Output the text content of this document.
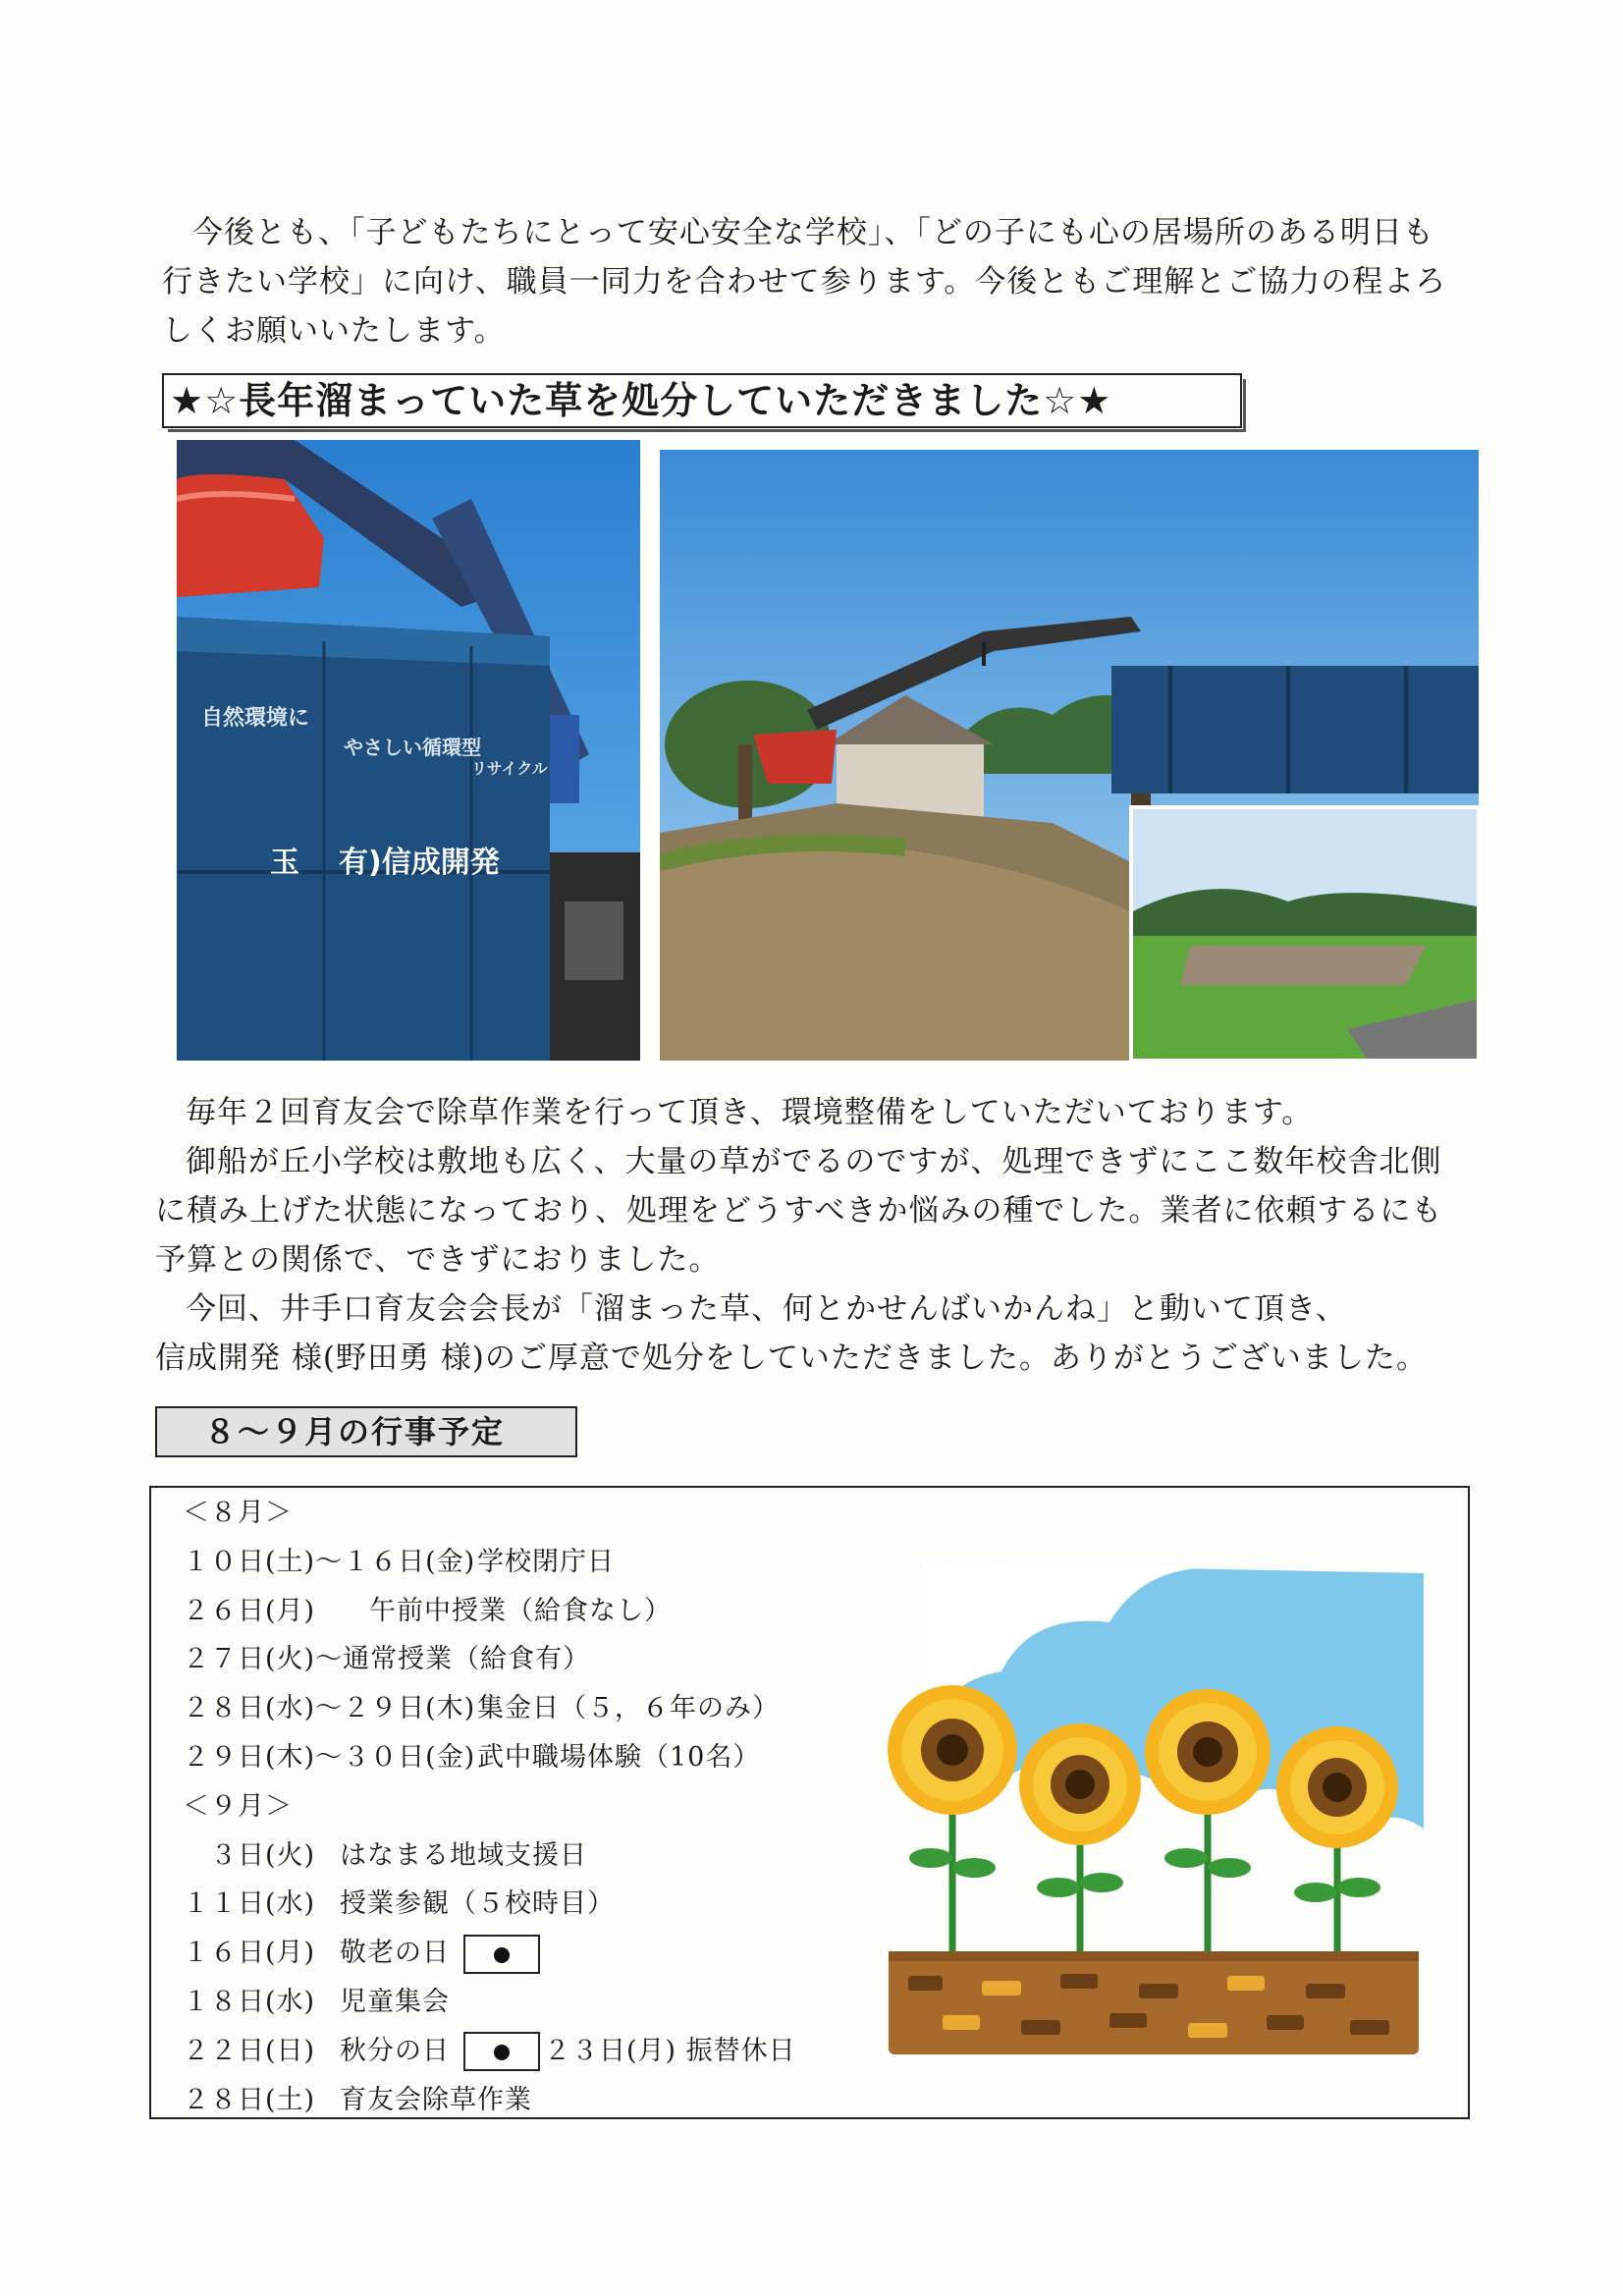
今後とも、「子どもたちにとって安心安全な学校」、「どの子にも心の居場所のある明日も

行きたい学校」に向け、職員一同力を合わせて参ります。今後ともご理解とご協力の程よろ

しくお願いいたします。

★☆長年溜まっていた草を処分していただきました☆★
自然環境に
やさしい循環型
リサイクル
玉 有)信成開発

毎年２回育友会で除草作業を行って頂き、環境整備をしていただいております。

御船が丘小学校は敷地も広く、大量の草がでるのですが、処理できずにここ数年校舎北側

に積み上げた状態になっており、処理をどうすべきか悩みの種でした。業者に依頼するにも

予算との関係で、できずにおりました。

今回、井手口育友会会長が「溜まった草、何とかせんばいかんね」と動いて頂き、

信成開発 様(野田勇 様)のご厚意で処分をしていただきました。ありがとうございました。

８～９月の行事予定
＜８月＞
１０日(土)～１６日(金)学校閉庁日
２６日(月) 午前中授業（給食なし）
２７日(火)～通常授業（給食有）
２８日(水)～２９日(木)集金日（５，６年のみ）
２９日(木)～３０日(金)武中職場体験（10名）
＜９月＞
　３日(火) はなまる地域支援日
１１日(水) 授業参観（５校時目）
１６日(月) 敬老の日
１８日(水) 児童集会
２２日(日) 秋分の日	２３日(月) 振替休日
２８日(土) 育友会除草作業
